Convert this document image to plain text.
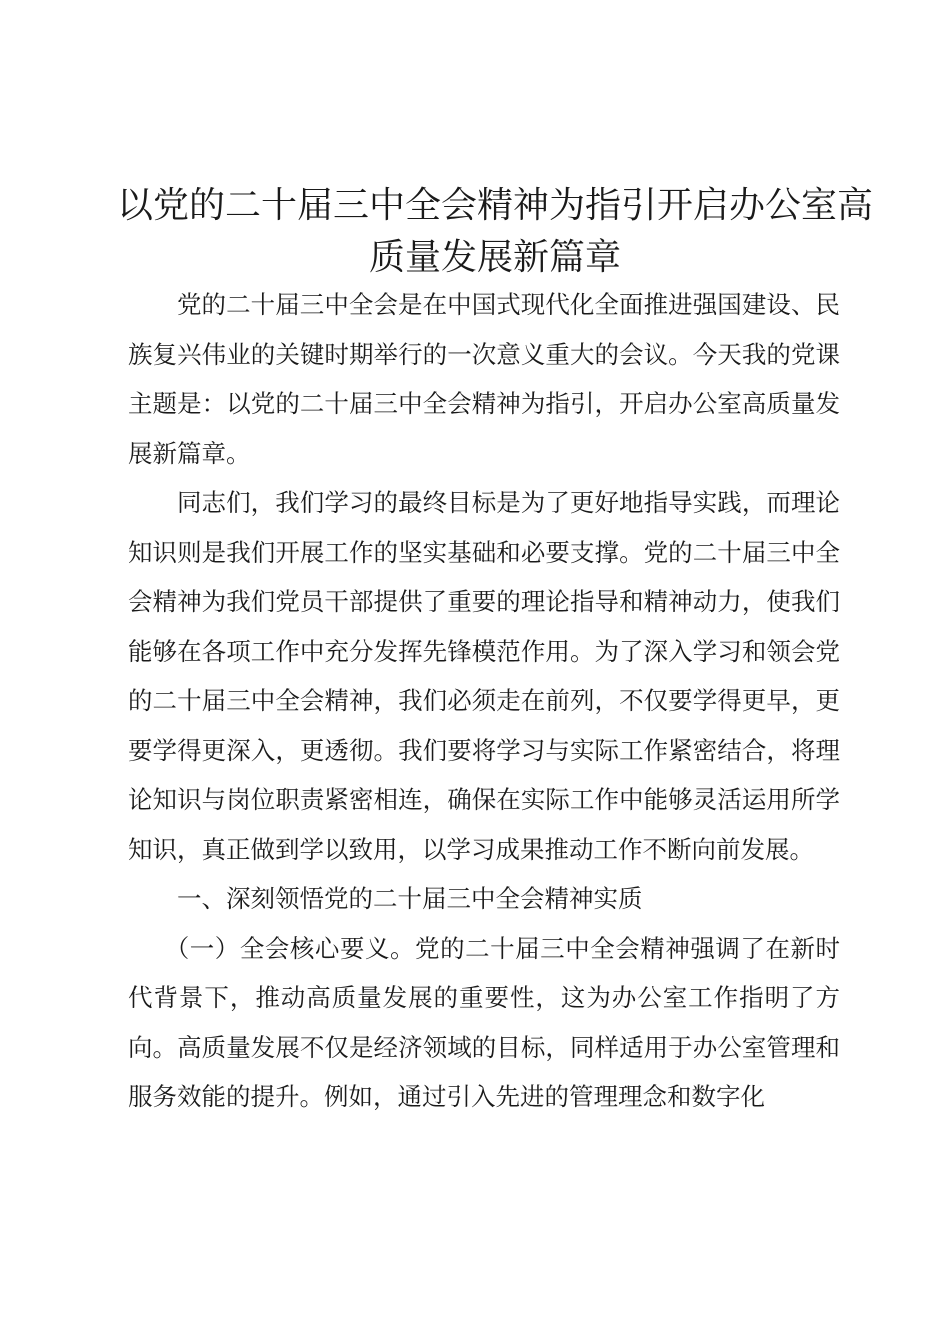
以党的二十届三中全会精神为指引开启办公室高质量发展新篇章

党的二十届三中全会是在中国式现代化全面推进强国建设、民族复兴伟业的关键时期举行的一次意义重大的会议。今天我的党课主题是：以党的二十届三中全会精神为指引，开启办公室高质量发展新篇章。

同志们，我们学习的最终目标是为了更好地指导实践，而理论知识则是我们开展工作的坚实基础和必要支撑。党的二十届三中全会精神为我们党员干部提供了重要的理论指导和精神动力，使我们能够在各项工作中充分发挥先锋模范作用。为了深入学习和领会党的二十届三中全会精神，我们必须走在前列，不仅要学得更早，更要学得更深入，更透彻。我们要将学习与实际工作紧密结合，将理论知识与岗位职责紧密相连，确保在实际工作中能够灵活运用所学知识，真正做到学以致用，以学习成果推动工作不断向前发展。

一、深刻领悟党的二十届三中全会精神实质

（一）全会核心要义。党的二十届三中全会精神强调了在新时代背景下，推动高质量发展的重要性，这为办公室工作指明了方向。高质量发展不仅是经济领域的目标，同样适用于办公室管理和服务效能的提升。例如，通过引入先进的管理理念和数字化
